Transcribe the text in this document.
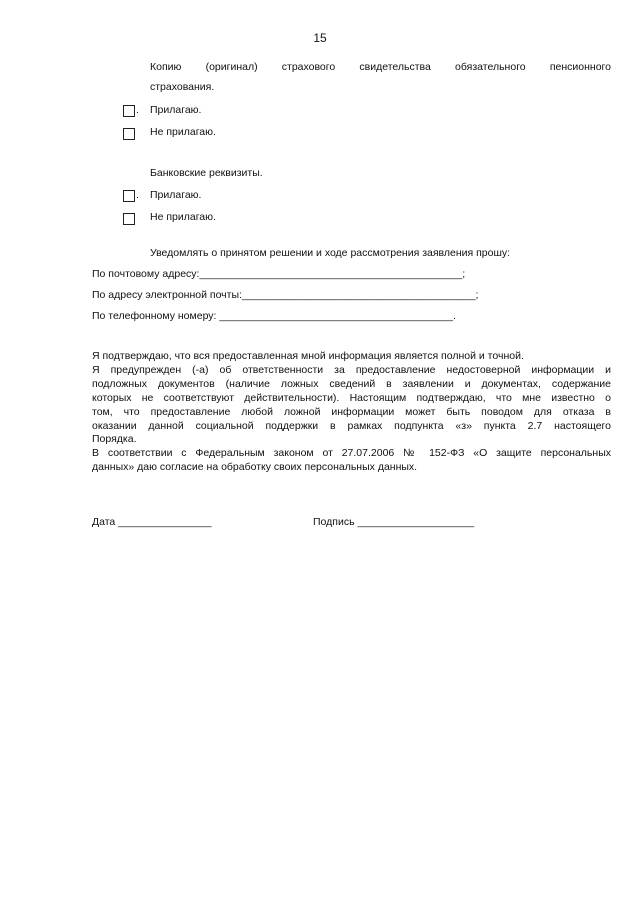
15
Копию (оригинал) страхового свидетельства обязательного пенсионного
страхования.
. Прилагаю.
Не прилагаю.
Банковские реквизиты.
. Прилагаю.
Не прилагаю.
Уведомлять о принятом решении и ходе рассмотрения заявления прошу:
По почтовому адресу:_____________________________________________;
По адресу электронной почты:________________________________________;
По телефонному номеру: ________________________________________.
Я подтверждаю, что вся предоставленная мной информация является полной и точной.
Я предупрежден (-а) об ответственности за предоставление недостоверной информации и
подложных документов (наличие ложных сведений в заявлении и документах, содержание
которых не соответствуют действительности). Настоящим подтверждаю, что мне известно о
том, что предоставление любой ложной информации может быть поводом для отказа в
оказании данной социальной поддержки в рамках подпункта «з» пункта 2.7 настоящего
Порядка.
В соответствии с Федеральным законом от 27.07.2006 № 152-ФЗ «О защите персональных
данных» даю согласие на обработку своих персональных данных.
Дата ________________	Подпись ____________________
